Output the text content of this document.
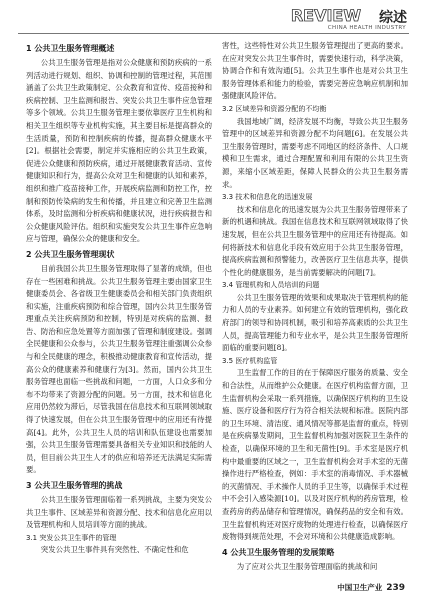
REVIEW 综述
CHINA HEALTH INDUSTRY
1 公共卫生服务管理概述

公共卫生服务管理是指对公众健康和预防疾病的一系列活动进行规划、组织、协调和控制的管理过程，其范围涵盖了公共卫生政策制定、公众教育和宣传、疫苗接种和疾病控制、卫生监测和报告、突发公共卫生事件应急管理等多个领域。公共卫生服务管理主要依靠医疗卫生机构和相关卫生组织等专业机构实施，其主要目标是提高群众的生活质量，预防和控制疾病的传播，提高群众健康水平[2]。根据社会需要，制定并实施相应的公共卫生政策，促进公众健康和预防疾病，通过开展健康教育活动、宣传健康知识和行为，提高公众对卫生和健康的认知和素养，组织和推广疫苗接种工作，开展疾病监测和防控工作，控制和预防传染病的发生和传播，并且建立和完善卫生监测体系，及时监测和分析疾病和健康状况，进行疾病报告和公众健康风险评估。组织和实施突发公共卫生事件应急响应与管理，确保公众的健康和安全。

2 公共卫生服务管理现状

目前我国公共卫生服务管理取得了显著的成绩，但也存在一些困难和挑战。公共卫生服务管理主要由国家卫生健康委员会、各省级卫生健康委员会和相关部门负责组织和实施，注重疾病预防和综合管理，国内公共卫生服务管理重点关注疾病预防和控制，特别是对疾病的监测、报告、防治和应急处置等方面加强了管理和制度建设。强调全民健康和公众参与，公共卫生服务管理注重强调公众参与和全民健康的理念，积极推动健康教育和宣传活动，提高公众的健康素养和健康行为[3]。然而，国内公共卫生服务管理也面临一些挑战和问题，一方面，人口众多和分布不均带来了资源分配的问题。另一方面，技术和信息化应用仍然较为滞后，尽管我国在信息技术和互联网领域取得了快速发展，但在公共卫生服务管理中的应用还有待提高[4]。此外，公共卫生人员的培训和队伍建设也需要加强，公共卫生服务管理需要具备相关专业知识和技能的人员，但目前公共卫生人才的供应和培养还无法满足实际需要。

3 公共卫生服务管理的挑战

公共卫生服务管理面临着一系列挑战，主要为突发公共卫生事件、区域差异和资源分配、技术和信息化应用以及管理机构和人员培训等方面的挑战。

3.1 突发公共卫生事件的管理

突发公共卫生事件具有突然性、不确定性和危

害性，这些特性对公共卫生服务管理提出了更高的要求。在应对突发公共卫生事件时，需要快速行动，科学决策，协调合作和有效沟通[5]。公共卫生事件也是对公共卫生服务管理体系和能力的检验，需要完善应急响应机制和加强健康风险评估。

3.2 区域差异和资源分配的不均衡

我国地域广阔，经济发展不均衡，导致公共卫生服务管理中的区域差异和资源分配不均问题[6]。在发展公共卫生服务管理时，需要考虑不同地区的经济条件、人口规模和卫生需求，通过合理配置和利用有限的公共卫生资源，来缩小区域差距，保障人民群众的公共卫生服务需求。

3.3 技术和信息化的迅速发展

技术和信息化的迅速发展为公共卫生服务管理带来了新的机遇和挑战。我国在信息技术和互联网领域取得了快速发展，但在公共卫生服务管理中的应用还有待提高。如何将新技术和信息化手段有效应用于公共卫生服务管理，提高疾病监测和预警能力，改善医疗卫生信息共享，提供个性化的健康服务，是当前需要解决的问题[7]。

3.4 管理机构和人员培训的问题

公共卫生服务管理的效果和成果取决于管理机构的能力和人员的专业素养。如何建立有效的管理机构，强化政府部门的领导和协同机制，吸引和培养高素质的公共卫生人员，提高管理能力和专业水平，是公共卫生服务管理所面临的重要问题[8]。

3.5 医疗机构监管

卫生监督工作的目的在于保障医疗服务的质量、安全和合法性，从而维护公众健康。在医疗机构监督方面，卫生监督机构会采取一系列措施，以确保医疗机构的卫生设施、医疗设备和医疗行为符合相关法规和标准。医院内部的卫生环境、清洁度、通风情况等都是监督的重点，特别是在疾病暴发期间，卫生监督机构加强对医院卫生条件的检查，以确保环境的卫生和无菌性[9]。手术室是医疗机构中最重要的区域之一，卫生监督机构会对手术室的无菌操作进行严格检查，例如：手术室的消毒情况、手术器械的灭菌情况、手术操作人员的手卫生等，以确保手术过程中不会引入感染源[10]。以及对医疗机构的药房管理，检查药房的药品储存和管理情况，确保药品的安全和有效。卫生监督机构还对医疗废物的处理进行检查，以确保医疗废物得到规范处理，不会对环境和公共健康造成影响。

4 公共卫生服务管理的发展策略

为了应对公共卫生服务管理面临的挑战和问

中国卫生产业 239
